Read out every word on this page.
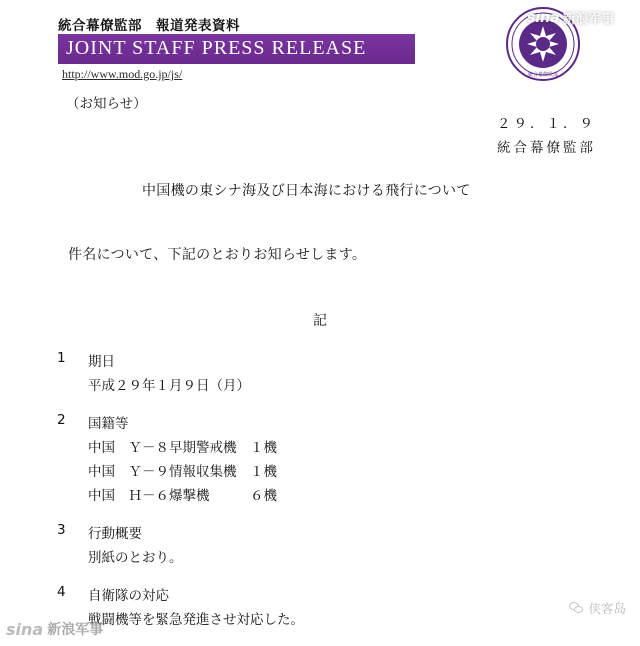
統合幕僚監部　報道発表資料
JOINT STAFF PRESS RELEASE
http://www.mod.go.jp/js/	統合幕僚監部
sina 新浪军事
（お知らせ）
２９．１．９
統合幕僚監部
中国機の東シナ海及び日本海における飛行について
件名について、下記のとおりお知らせします。
記
1 期日
平成２９年１月９日（月）
2 国籍等
中国　Ｙ－８早期警戒機　１機
中国　Ｙ－９情報収集機　１機
中国　Ｈ－６爆撃機　　　６機
3 行動概要
別紙のとおり。
4 自衛隊の対応
戦闘機等を緊急発進させ対応した。
侠客岛
sina 新浪军事
